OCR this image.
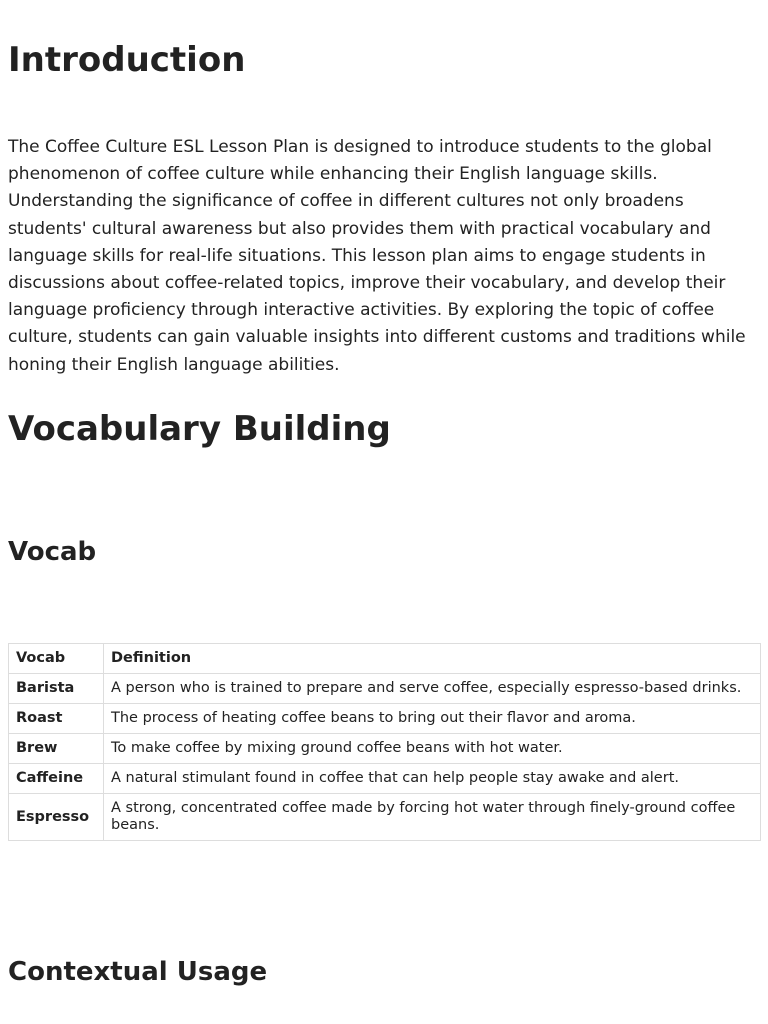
Introduction

The Coffee Culture ESL Lesson Plan is designed to introduce students to the global phenomenon of coffee culture while enhancing their English language skills. Understanding the significance of coffee in different cultures not only broadens students' cultural awareness but also provides them with practical vocabulary and language skills for real-life situations. This lesson plan aims to engage students in discussions about coffee-related topics, improve their vocabulary, and develop their language proficiency through interactive activities. By exploring the topic of coffee culture, students can gain valuable insights into different customs and traditions while honing their English language abilities.

Vocabulary Building
Vocab
Vocab	Definition
Barista	A person who is trained to prepare and serve coffee, especially espresso-based drinks.
Roast	The process of heating coffee beans to bring out their flavor and aroma.
Brew	To make coffee by mixing ground coffee beans with hot water.
Caffeine	A natural stimulant found in coffee that can help people stay awake and alert.
Espresso	A strong, concentrated coffee made by forcing hot water through finely-ground coffee beans.
Contextual Usage
